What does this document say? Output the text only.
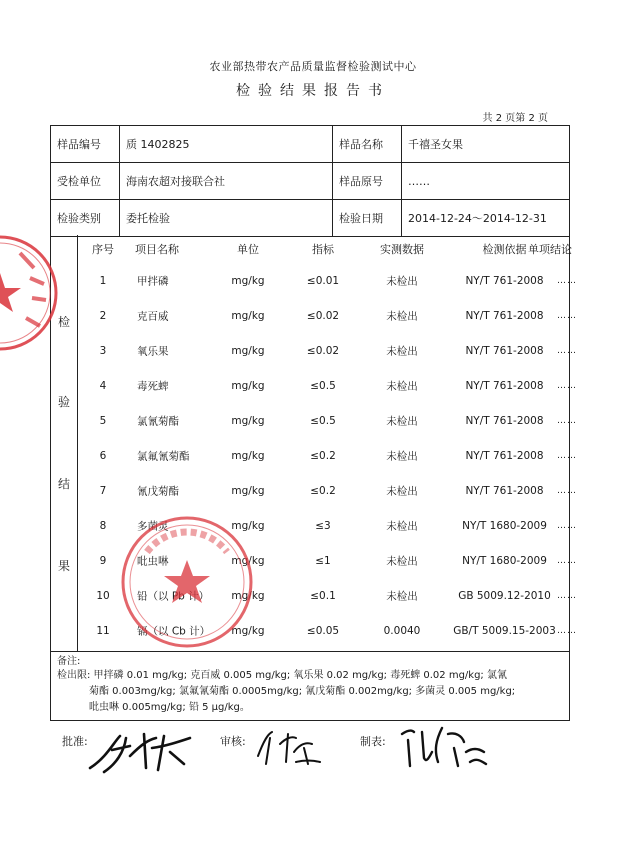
农业部热带农产品质量监督检验测试中心
检验结果报告书
共 2 页第 2 页
样品编号	质 1402825	样品名称	千禧圣女果
受检单位	海南农超对接联合社	样品原号	……
检验类别	委托检验	检验日期	2014-12-24～2014-12-31
检
验
结
果
序号 项目名称	单位	指标	实测数据	检测依据 单项结论
1	甲拌磷	mg/kg	≤0.01	未检出	NY/T 761-2008	……
2	克百威	mg/kg	≤0.02	未检出	NY/T 761-2008	……
3	氧乐果	mg/kg	≤0.02	未检出	NY/T 761-2008	……
4	毒死蜱	mg/kg	≤0.5	未检出	NY/T 761-2008	……
5	氯氰菊酯	mg/kg	≤0.5	未检出	NY/T 761-2008	……
6	氯氟氰菊酯	mg/kg	≤0.2	未检出	NY/T 761-2008	……
7	氰戊菊酯	mg/kg	≤0.2	未检出	NY/T 761-2008	……
8	多菌灵	mg/kg	≤3	未检出	NY/T 1680-2009	……
9	吡虫啉	mg/kg	≤1	未检出	NY/T 1680-2009	……
10	铅（以 Pb 计）	mg/kg	≤0.1	未检出	GB 5009.12-2010 ……
11	镉（以 Cb 计）	mg/kg	≤0.05	0.0040	GB/T 5009.15-2003 ……
备注:
检出限: 甲拌磷 0.01 mg/kg; 克百威 0.005 mg/kg; 氧乐果 0.02 mg/kg; 毒死蜱 0.02 mg/kg; 氯氰
菊酯 0.003mg/kg; 氯氟氰菊酯 0.0005mg/kg; 氰戊菊酯 0.002mg/kg; 多菌灵 0.005 mg/kg;
吡虫啉 0.005mg/kg; 铅 5 μg/kg。
批准:	审核:	制表:
